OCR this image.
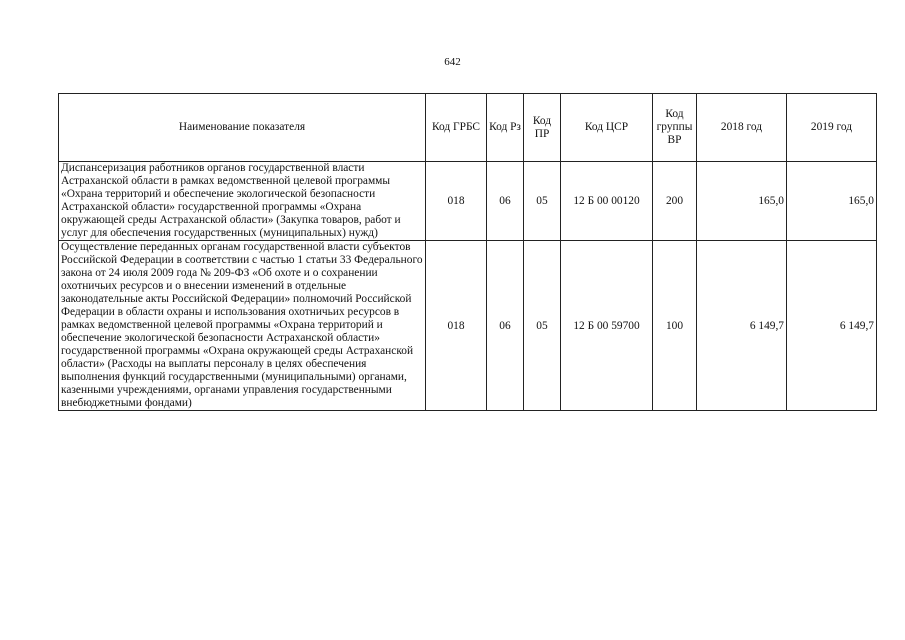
642
Наименование показателя	Код ГРБС	Код Рз	Код ПР	Код ЦСР	Код группы ВР	2018 год	2019 год
Диспансеризация работников органов государственной власти Астраханской области в рамках ведомственной целевой программы «Охрана территорий и обеспечение экологической безопасности Астраханской области» государственной программы «Охрана окружающей среды Астраханской области» (Закупка товаров, работ и услуг для обеспечения государственных (муниципальных) нужд)	018	06	05	12 Б 00 00120	200	165,0	165,0
Осуществление переданных органам государственной власти субъектов Российской Федерации в соответствии с частью 1 статьи 33 Федерального закона от 24 июля 2009 года № 209-ФЗ «Об охоте и о сохранении охотничьих ресурсов и о внесении изменений в отдельные законодательные акты Российской Федерации» полномочий Российской Федерации в области охраны и использования охотничьих ресурсов в рамках ведомственной целевой программы «Охрана территорий и обеспечение экологической безопасности Астраханской области» государственной программы «Охрана окружающей среды Астраханской области» (Расходы на выплаты персоналу в целях обеспечения выполнения функций государственными (муниципальными) органами, казенными учреждениями, органами управления государственными внебюджетными фондами)	018	06	05	12 Б 00 59700	100	6 149,7	6 149,7
